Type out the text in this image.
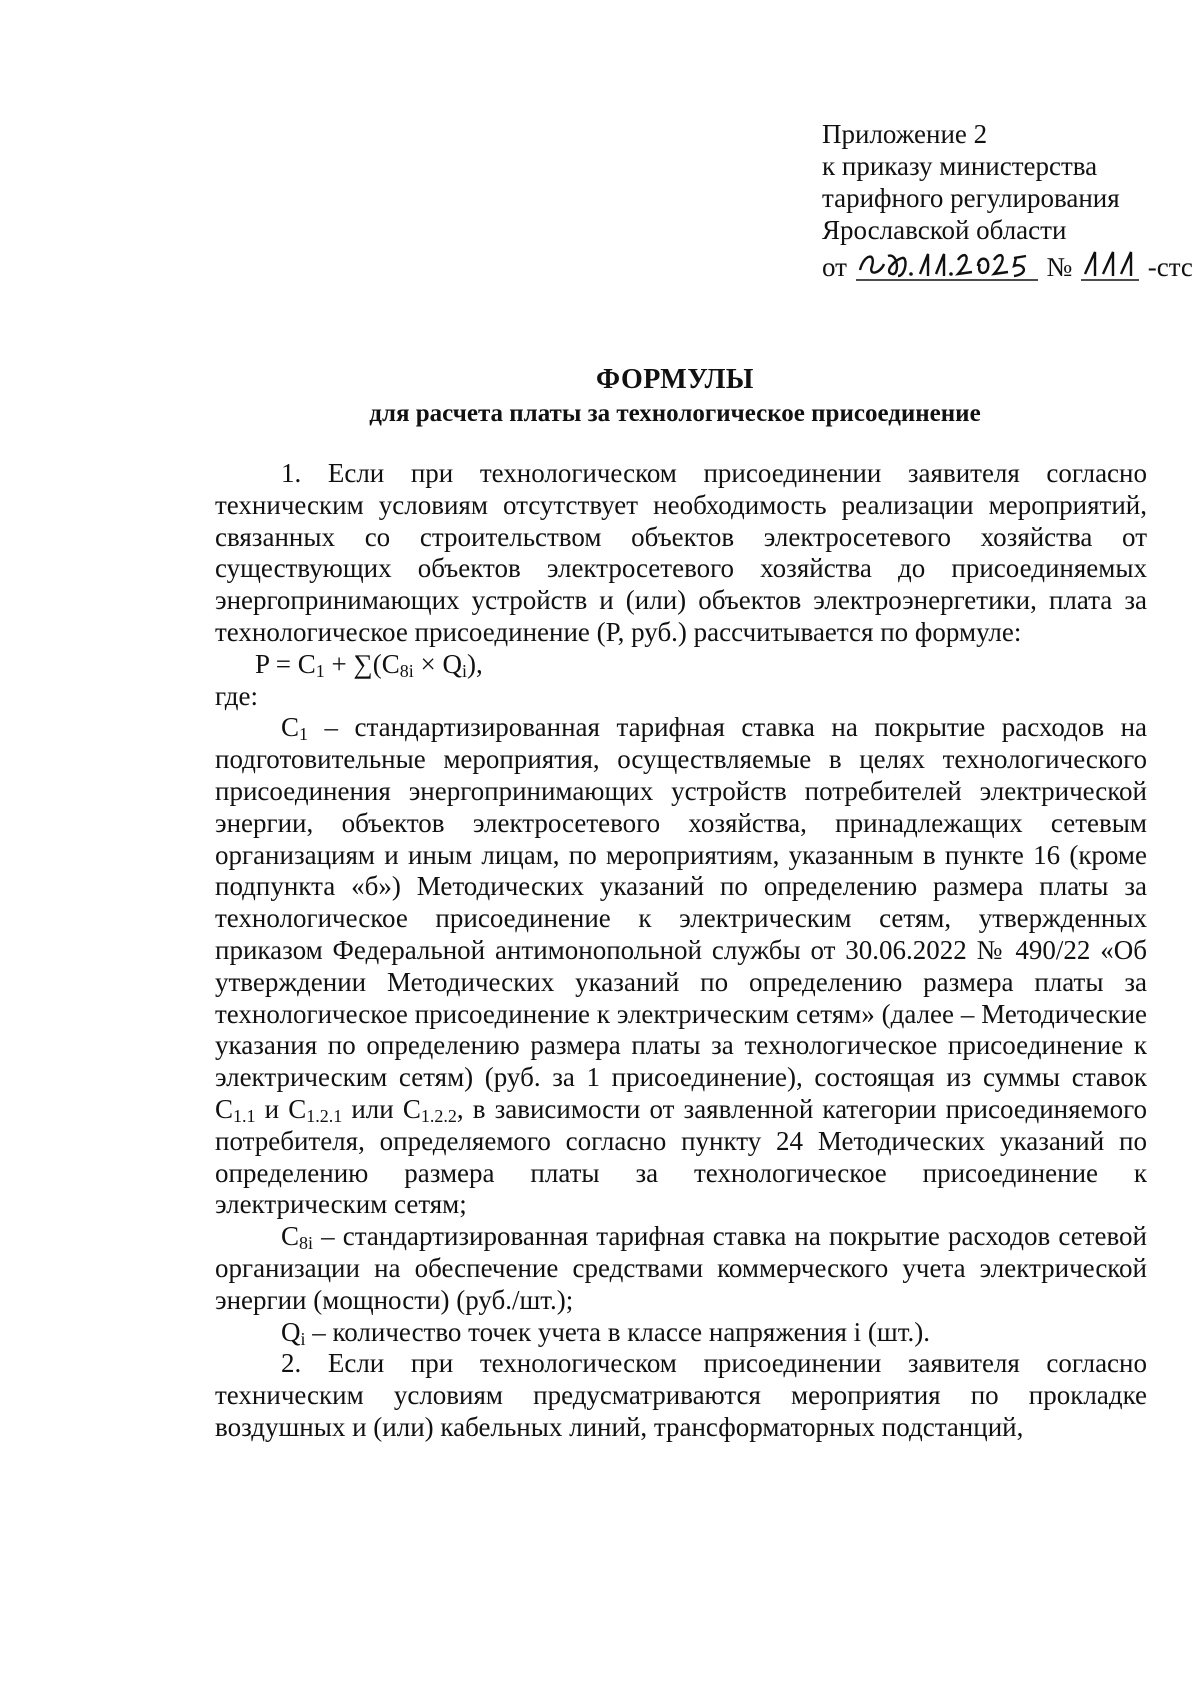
Приложение 2
к приказу министерства
тарифного регулирования
Ярославской области
от	№	-стс
ФОРМУЛЫ
для расчета платы за технологическое присоединение

1. Если при технологическом присоединении заявителя согласно техническим условиям отсутствует необходимость реализации мероприятий, связанных со строительством объектов электросетевого хозяйства от существующих объектов электросетевого хозяйства до присоединяемых энергопринимающих устройств и (или) объектов электроэнергетики, плата за технологическое присоединение (P, руб.) рассчитывается по формуле:

$P = C_1 + \sum(C_{8i} \times Q_i)$,

где:

$C_1$ – стандартизированная тарифная ставка на покрытие расходов на подготовительные мероприятия, осуществляемые в целях технологического присоединения энергопринимающих устройств потребителей электрической энергии, объектов электросетевого хозяйства, принадлежащих сетевым организациям и иным лицам, по мероприятиям, указанным в пункте 16 (кроме подпункта «б») Методических указаний по определению размера платы за технологическое присоединение к электрическим сетям, утвержденных приказом Федеральной антимонопольной службы от 30.06.2022 № 490/22 «Об утверждении Методических указаний по определению размера платы за технологическое присоединение к электрическим сетям» (далее – Методические указания по определению размера платы за технологическое присоединение к электрическим сетям) (руб. за 1 присоединение), состоящая из суммы ставок $C_{1.1}$ и $C_{1.2.1}$ или $C_{1.2.2}$, в зависимости от заявленной категории присоединяемого потребителя, определяемого согласно пункту 24 Методических указаний по определению размера платы за технологическое присоединение к электрическим сетям;

$C_{8i}$ – стандартизированная тарифная ставка на покрытие расходов сетевой организации на обеспечение средствами коммерческого учета электрической энергии (мощности) (руб./шт.);

$Q_i$ – количество точек учета в классе напряжения i (шт.).

2. Если при технологическом присоединении заявителя согласно техническим условиям предусматриваются мероприятия по прокладке воздушных и (или) кабельных линий, трансформаторных подстанций,
